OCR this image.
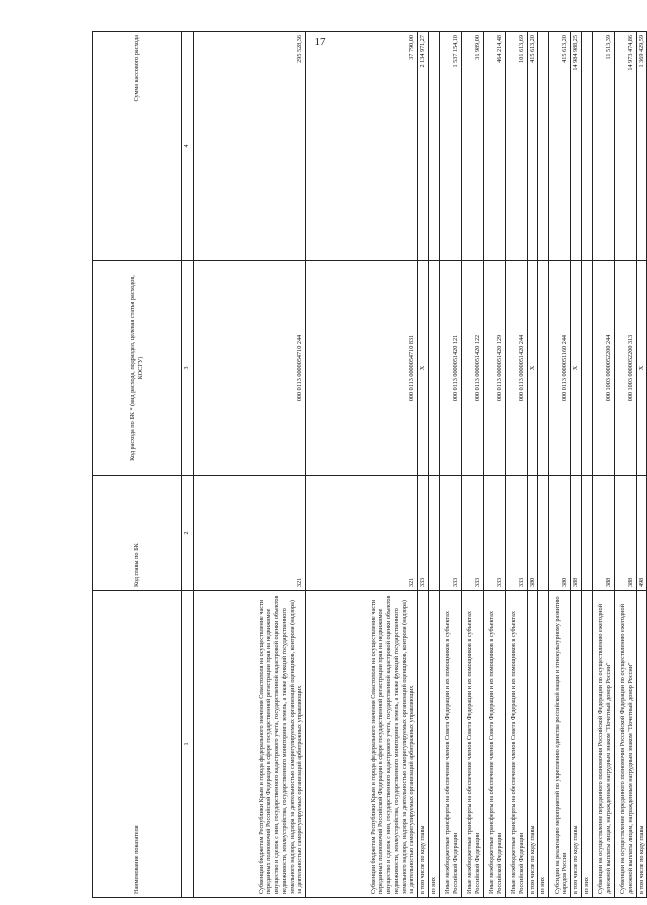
17
Наименование показателя	Код главы по БК	Код расхода по БК * (вид расхода, подраздел, целевая статья расходов, КОСГУ)	Сумма кассового расхода
1	2	3	4
Субвенции бюджетам Республики Крым и города федерального значения Севастополя на осуществление части переданных полномочий Российской Федерации в сфере государственной регистрации прав на недвижимое имущество и сделок с ним, государственного кадастрового учета, государственной кадастровой оценки объектов недвижимости, землеустройства, государственного мониторинга земель, а также функций государственного земельного надзора, надзора за деятельностью саморегулируемых организаций оценщиков, контроля (надзора) за деятельностью саморегулируемых организаций арбитражных управляющих	321	000 0113 0000054710 244	295 528,36
Субвенции бюджетам Республики Крым и города федерального значения Севастополя на осуществление части переданных полномочий Российской Федерации в сфере государственной регистрации прав на недвижимое имущество и сделок с ним, государственного кадастрового учета, государственной кадастровой оценки объектов недвижимости, землеустройства, государственного мониторинга земель, а также функций государственного земельного надзора, надзора за деятельностью саморегулируемых организаций оценщиков, контроля (надзора) за деятельностью саморегулируемых организаций арбитражных управляющих	321	000 0113 0000054710 831	37 790,00
в том числе по коду главы	333	X	2 134 971,27
из них			
Иные межбюджетные трансферты на обеспечение членов Совета Федерации и их помощников в субъектах Российской Федерации	333	000 0113 0000051420 121	1 537 154,10
Иные межбюджетные трансферты на обеспечение членов Совета Федерации и их помощников в субъектах Российской Федерации	333	000 0113 0000051420 122	31 989,00
Иные межбюджетные трансферты на обеспечение членов Совета Федерации и их помощников в субъектах Российской Федерации	333	000 0113 0000051420 129	464 214,48
Иные межбюджетные трансферты на обеспечение членов Совета Федерации и их помощников в субъектах Российской Федерации	333	000 0113 0000051420 244	101 613,69
в том числе по коду главы	380	X	415 613,20
из них			
Субсидии на реализацию мероприятий по укреплению единства российской нации и этнокультурному развитию народов России	380	000 0113 0000051160 244	415 613,20
в том числе по коду главы	388	X	14 984 988,25
из них			
Субвенции на осуществление переданного полномочия Российской Федерации по осуществлению ежегодной денежной выплаты лицам, награжденным нагрудным знаком "Почетный донор России"	388	000 1003 0000052200 244	11 513,39
Субвенции на осуществление переданного полномочия Российской Федерации по осуществлению ежегодной денежной выплаты лицам, награжденным нагрудным знаком "Почетный донор России"	388	000 1003 0000052200 313	14 973 474,86
в том числе по коду главы	498	X	1 369 429,59
